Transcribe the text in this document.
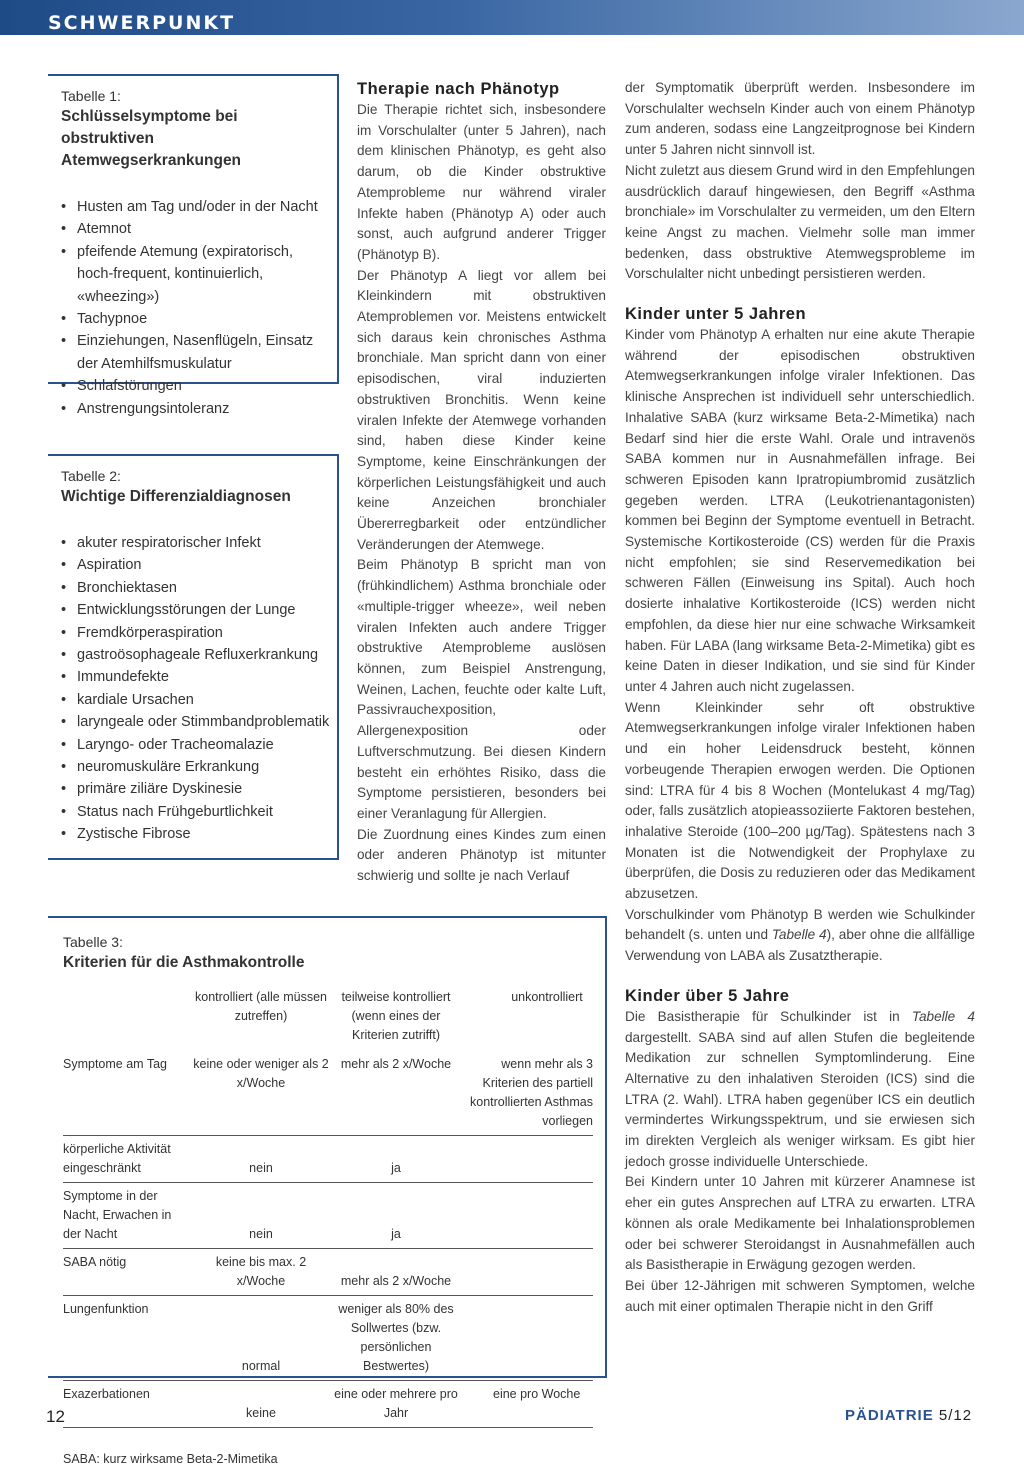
SCHWERPUNKT
Tabelle 1:
Schlüsselsymptome bei obstruktiven Atemwegserkrankungen
• Husten am Tag und/oder in der Nacht
• Atemnot
• pfeifende Atemung (expiratorisch, hoch-frequent, kontinuierlich, «wheezing»)
• Tachypnoe
• Einziehungen, Nasenflügeln, Einsatz der Atemhilfsmuskulatur
• Schlafstörungen
• Anstrengungsintoleranz
Tabelle 2:
Wichtige Differenzialdiagnosen
• akuter respiratorischer Infekt
• Aspiration
• Bronchiektasen
• Entwicklungsstörungen der Lunge
• Fremdkörperaspiration
• gastroösophageale Refluxerkrankung
• Immundefekte
• kardiale Ursachen
• laryngeale oder Stimmbandproblematik
• Laryngo- oder Tracheomalazie
• neuromuskuläre Erkrankung
• primäre ziliäre Dyskinesie
• Status nach Frühgeburtlichkeit
• Zystische Fibrose
Tabelle 3:
Kriterien für die Asthmakontrolle
	kontrolliert (alle müssen zutreffen)	teilweise kontrolliert (wenn eines der Kriterien zutrifft)	unkontrolliert
Symptome am Tag	keine oder weniger als 2 x/Woche	mehr als 2 x/Woche	wenn mehr als 3 Kriterien des partiell kontrollierten Asthmas vorliegen
körperliche Aktivität eingeschränkt	nein	ja	
Symptome in der Nacht, Erwachen in der Nacht	nein	ja	
SABA nötig	keine bis max. 2 x/Woche	mehr als 2 x/Woche	
Lungenfunktion	normal	weniger als 80% des Sollwertes (bzw. persönlichen Bestwertes)	
Exazerbationen	keine	eine oder mehrere pro Jahr	eine pro Woche
SABA: kurz wirksame Beta-2-Mimetika
Therapie nach Phänotyp

Die Therapie richtet sich, insbesondere im Vorschulalter (unter 5 Jahren), nach dem klinischen Phänotyp, es geht also darum, ob die Kinder obstruktive Atemprobleme nur während viraler Infekte haben (Phänotyp A) oder auch sonst, auch aufgrund anderer Trigger (Phänotyp B).

Der Phänotyp A liegt vor allem bei Kleinkindern mit obstruktiven Atemproblemen vor. Meistens entwickelt sich daraus kein chronisches Asthma bronchiale. Man spricht dann von einer episodischen, viral induzierten obstruktiven Bronchitis. Wenn keine viralen Infekte der Atemwege vorhanden sind, haben diese Kinder keine Symptome, keine Einschränkungen der körperlichen Leistungsfähigkeit und auch keine Anzeichen bronchialer Übererregbarkeit oder entzündlicher Veränderungen der Atemwege.

Beim Phänotyp B spricht man von (frühkindlichem) Asthma bronchiale oder «multiple-trigger wheeze», weil neben viralen Infekten auch andere Trigger obstruktive Atemprobleme auslösen können, zum Beispiel Anstrengung, Weinen, Lachen, feuchte oder kalte Luft, Passivrauchexposition, Allergenexposition oder Luftverschmutzung. Bei diesen Kindern besteht ein erhöhtes Risiko, dass die Symptome persistieren, besonders bei einer Veranlagung für Allergien.

Die Zuordnung eines Kindes zum einen oder anderen Phänotyp ist mitunter schwierig und sollte je nach Verlauf

der Symptomatik überprüft werden. Insbesondere im Vorschulalter wechseln Kinder auch von einem Phänotyp zum anderen, sodass eine Langzeitprognose bei Kindern unter 5 Jahren nicht sinnvoll ist.

Nicht zuletzt aus diesem Grund wird in den Empfehlungen ausdrücklich darauf hingewiesen, den Begriff «Asthma bronchiale» im Vorschulalter zu vermeiden, um den Eltern keine Angst zu machen. Vielmehr solle man immer bedenken, dass obstruktive Atemwegsprobleme im Vorschulalter nicht unbedingt persistieren werden.

Kinder unter 5 Jahren

Kinder vom Phänotyp A erhalten nur eine akute Therapie während der episodischen obstruktiven Atemwegserkrankungen infolge viraler Infektionen. Das klinische Ansprechen ist individuell sehr unterschiedlich. Inhalative SABA (kurz wirksame Beta-2-Mimetika) nach Bedarf sind hier die erste Wahl. Orale und intravenös SABA kommen nur in Ausnahmefällen infrage. Bei schweren Episoden kann Ipratropiumbromid zusätzlich gegeben werden. LTRA (Leukotrienantagonisten) kommen bei Beginn der Symptome eventuell in Betracht. Systemische Kortikosteroide (CS) werden für die Praxis nicht empfohlen; sie sind Reservemedikation bei schweren Fällen (Einweisung ins Spital). Auch hoch dosierte inhalative Kortikosteroide (ICS) werden nicht empfohlen, da diese hier nur eine schwache Wirksamkeit haben. Für LABA (lang wirksame Beta-2-Mimetika) gibt es keine Daten in dieser Indikation, und sie sind für Kinder unter 4 Jahren auch nicht zugelassen.

Wenn Kleinkinder sehr oft obstruktive Atemwegserkrankungen infolge viraler Infektionen haben und ein hoher Leidensdruck besteht, können vorbeugende Therapien erwogen werden. Die Optionen sind: LTRA für 4 bis 8 Wochen (Montelukast 4 mg/Tag) oder, falls zusätzlich atopieassoziierte Faktoren bestehen, inhalative Steroide (100–200 µg/Tag). Spätestens nach 3 Monaten ist die Notwendigkeit der Prophylaxe zu überprüfen, die Dosis zu reduzieren oder das Medikament abzusetzen.

Vorschulkinder vom Phänotyp B werden wie Schulkinder behandelt (s. unten und Tabelle 4), aber ohne die allfällige Verwendung von LABA als Zusatztherapie.

Kinder über 5 Jahre

Die Basistherapie für Schulkinder ist in Tabelle 4 dargestellt. SABA sind auf allen Stufen die begleitende Medikation zur schnellen Symptomlinderung. Eine Alternative zu den inhalativen Steroiden (ICS) sind die LTRA (2. Wahl). LTRA haben gegenüber ICS ein deutlich vermindertes Wirkungsspektrum, und sie erwiesen sich im direkten Vergleich als weniger wirksam. Es gibt hier jedoch grosse individuelle Unterschiede.

Bei Kindern unter 10 Jahren mit kürzerer Anamnese ist eher ein gutes Ansprechen auf LTRA zu erwarten. LTRA können als orale Medikamente bei Inhalationsproblemen oder bei schwerer Steroidangst in Ausnahmefällen auch als Basistherapie in Erwägung gezogen werden.

Bei über 12-Jährigen mit schweren Symptomen, welche auch mit einer optimalen Therapie nicht in den Griff

12	PÄDIATRIE 5/12
